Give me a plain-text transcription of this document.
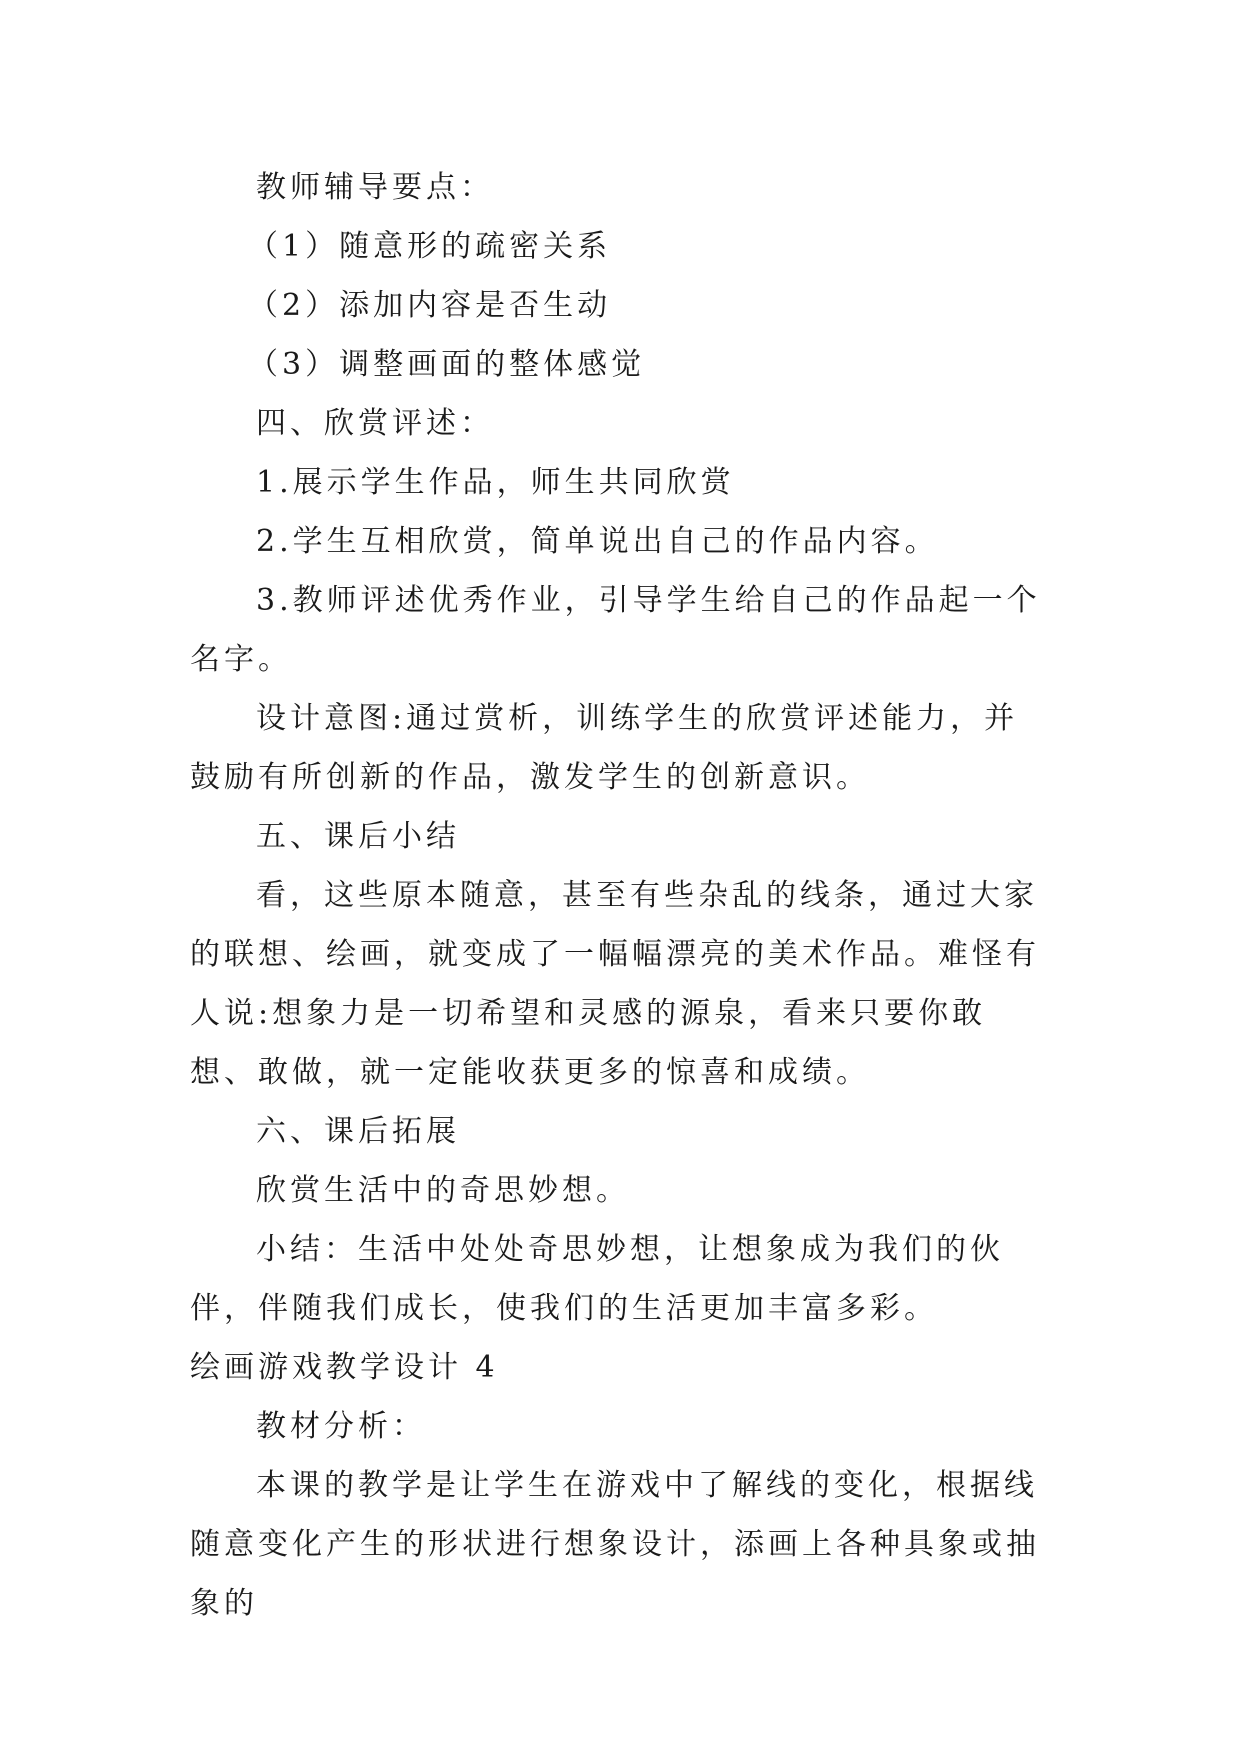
教师辅导要点：

（1）随意形的疏密关系

（2）添加内容是否生动

（3）调整画面的整体感觉

四、欣赏评述：

1.展示学生作品，师生共同欣赏

2.学生互相欣赏，简单说出自己的作品内容。

3.教师评述优秀作业，引导学生给自己的作品起一个名字。

设计意图:通过赏析，训练学生的欣赏评述能力，并鼓励有所创新的作品，激发学生的创新意识。

五、课后小结

看，这些原本随意，甚至有些杂乱的线条，通过大家的联想、绘画，就变成了一幅幅漂亮的美术作品。难怪有人说:想象力是一切希望和灵感的源泉，看来只要你敢想、敢做，就一定能收获更多的惊喜和成绩。

六、课后拓展

欣赏生活中的奇思妙想。

小结：生活中处处奇思妙想，让想象成为我们的伙伴，伴随我们成长，使我们的生活更加丰富多彩。

绘画游戏教学设计 4

教材分析：

本课的教学是让学生在游戏中了解线的变化，根据线随意变化产生的形状进行想象设计，添画上各种具象或抽象的
